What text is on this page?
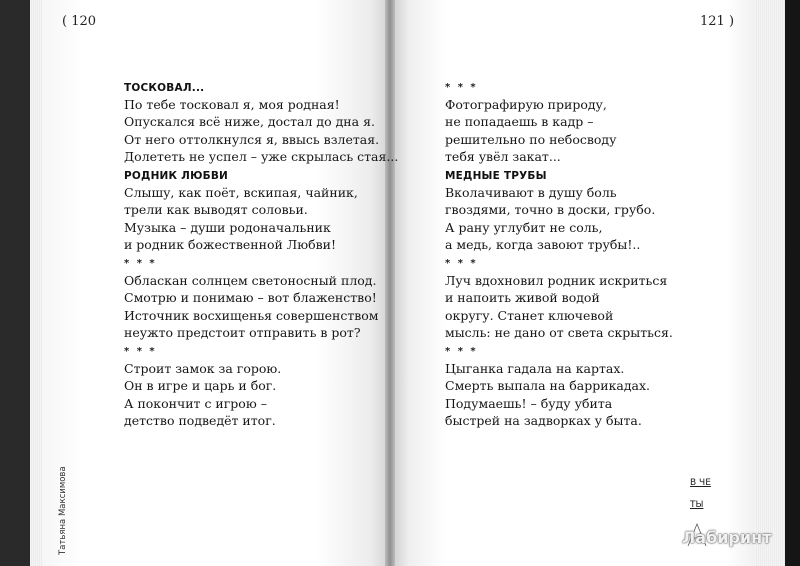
( 120	121 )
ТОСКОВАЛ...
По тебе тосковал я, моя родная!
Опускался всё ниже, достал до дна я.
От него оттолкнулся я, ввысь взлетая.
Долететь не успел – уже скрылась стая...
РОДНИК ЛЮБВИ
Слышу, как поёт, вскипая, чайник,
трели как выводят соловьи.
Музыка – души родоначальник
и родник божественной Любви!
* * *
Обласкан солнцем светоносный плод.
Смотрю и понимаю – вот блаженство!
Источник восхищенья совершенством
неужто предстоит отправить в рот?
* * *
Строит замок за горою.
Он в игре и царь и бог.
А покончит с игрою –
детство подведёт итог.
* * *
Фотографирую природу,
не попадаешь в кадр –
решительно по небосводу
тебя увёл закат...
МЕДНЫЕ ТРУБЫ
Вколачивают в душу боль
гвоздями, точно в доски, грубо.
А рану углубит не соль,
а медь, когда завоют трубы!..
* * *
Луч вдохновил родник искриться
и напоить живой водой
округу. Станет ключевой
мысль: не дано от света скрыться.
* * *
Цыганка гадала на картах.
Смерть выпала на баррикадах.
Подумаешь! – буду убита
быстрей на задворках у быта.
Татьяна Максимова	В ЧЕ
ТЫ
Лабиринт
